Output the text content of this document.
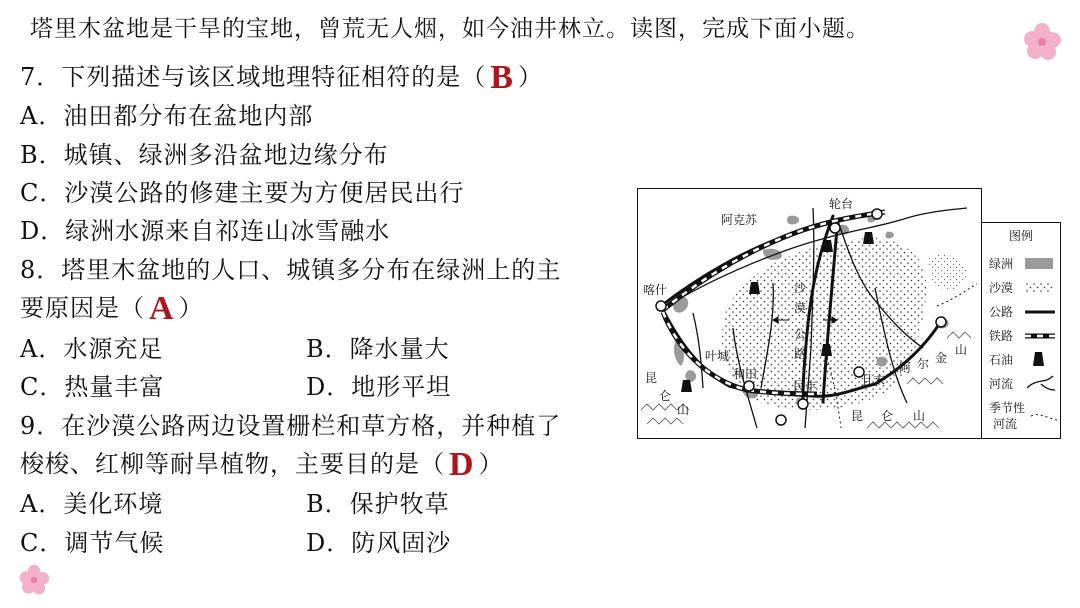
塔里木盆地是干旱的宝地，曾荒无人烟，如今油井林立。读图，完成下面小题。
7．下列描述与该区域地理特征相符的是（ B ）
A．油田都分布在盆地内部
B．城镇、绿洲多沿盆地边缘分布
C．沙漠公路的修建主要为方便居民出行
D．绿洲水源来自祁连山冰雪融水
8．塔里木盆地的人口、城镇多分布在绿洲上的主
要原因是（ A ）
A．水源充足	B．降水量大
C．热量丰富	D．地形平坦
9．在沙漠公路两边设置栅栏和草方格，并种植了
梭梭、红柳等耐旱植物，主要目的是（ D ）
A．美化环境	B．保护牧草
C．调节气候	D．防风固沙
轮台
阿克苏
喀什
叶城
和田
民丰	且末
沙
漠
公
路
昆
仑
山	昆 仑 山
阿 尔 金
山
图例
绿洲
沙漠
公路
铁路
石油
河流
季节性
河流
